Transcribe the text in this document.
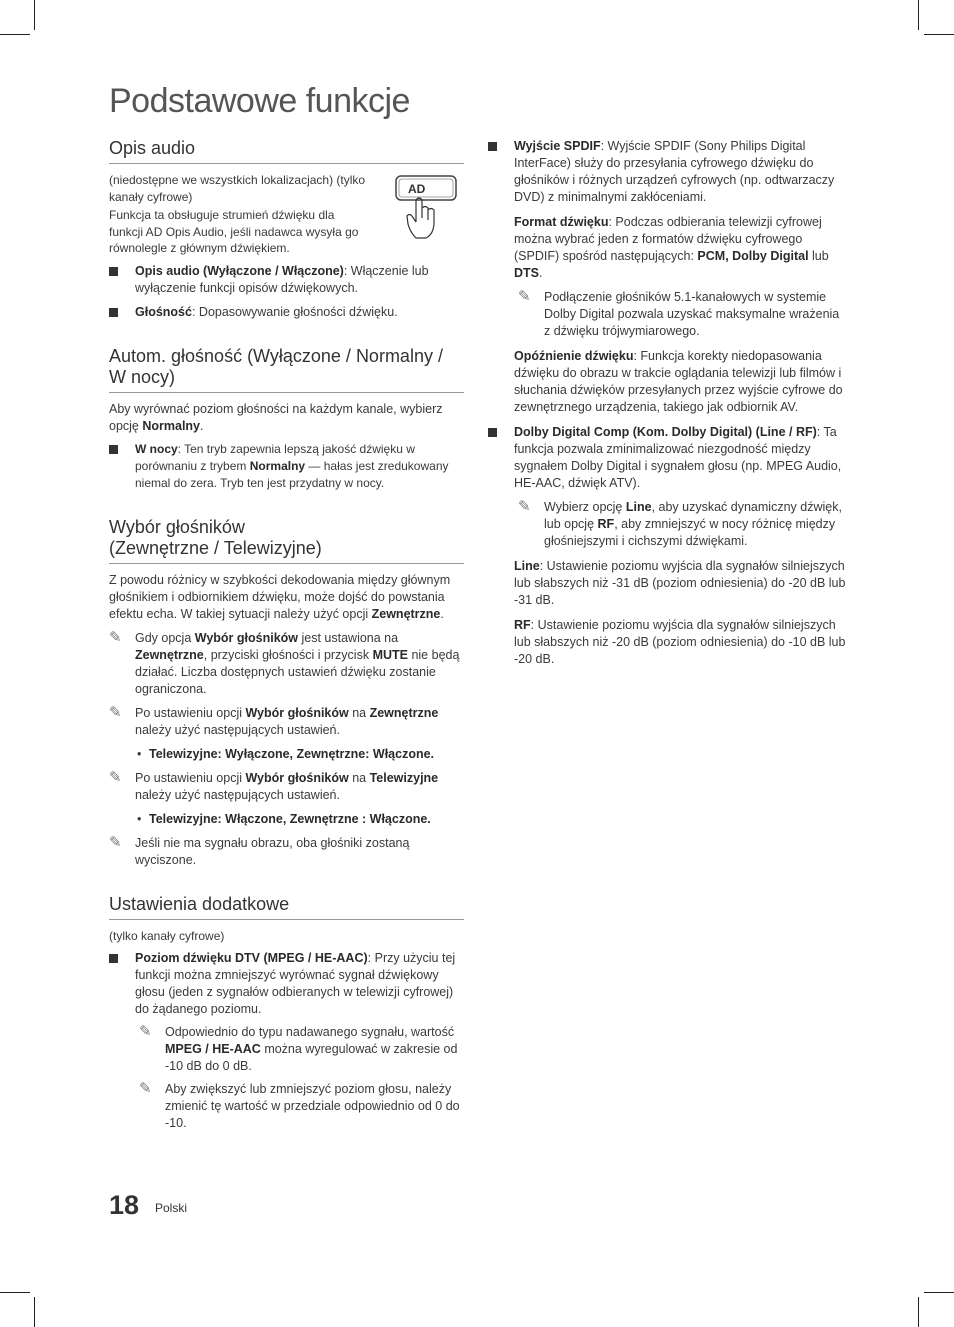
Podstawowe funkcje
Opis audio

(niedostępne we wszystkich lokalizacjach) (tylko kanały cyfrowe)

Funkcja ta obsługuje strumień dźwięku dla funkcji AD Opis Audio, jeśli nadawca wysyła go równolegle z głównym dźwiękiem.

AD
Opis audio (Wyłączone / Włączone): Włączenie lub wyłączenie funkcji opisów dźwiękowych.
Głośność: Dopasowywanie głośności dźwięku.
Autom. głośność (Wyłączone / Normalny / W nocy)

Aby wyrównać poziom głośności na każdym kanale, wybierz opcję Normalny.

W nocy: Ten tryb zapewnia lepszą jakość dźwięku w porównaniu z trybem Normalny — hałas jest zredukowany niemal do zera. Tryb ten jest przydatny w nocy.
Wybór głośników
(Zewnętrzne / Telewizyjne)

Z powodu różnicy w szybkości dekodowania między głównym głośnikiem i odbiornikiem dźwięku, może dojść do powstania efektu echa. W takiej sytuacji należy użyć opcji Zewnętrzne.

✎ Gdy opcja Wybór głośników jest ustawiona na Zewnętrzne, przyciski głośności i przycisk MUTE nie będą działać. Liczba dostępnych ustawień dźwięku zostanie ograniczona.
✎ Po ustawieniu opcji Wybór głośników na Zewnętrzne należy użyć następujących ustawień.
• Telewizyjne: Wyłączone, Zewnętrzne: Włączone.
✎ Po ustawieniu opcji Wybór głośników na Telewizyjne należy użyć następujących ustawień.
• Telewizyjne: Włączone, Zewnętrzne : Włączone.
✎ Jeśli nie ma sygnału obrazu, oba głośniki zostaną wyciszone.
Ustawienia dodatkowe

(tylko kanały cyfrowe)

Poziom dźwięku DTV (MPEG / HE-AAC): Przy użyciu tej funkcji można zmniejszyć wyrównać sygnał dźwiękowy głosu (jeden z sygnałów odbieranych w telewizji cyfrowej) do żądanego poziomu.
✎ Odpowiednio do typu nadawanego sygnału, wartość MPEG / HE-AAC można wyregulować w zakresie od -10 dB do 0 dB.
✎ Aby zwiększyć lub zmniejszyć poziom głosu, należy zmienić tę wartość w przedziale odpowiednio od 0 do -10.
Wyjście SPDIF: Wyjście SPDIF (Sony Philips Digital InterFace) służy do przesyłania cyfrowego dźwięku do głośników i różnych urządzeń cyfrowych (np. odtwarzaczy DVD) z minimalnymi zakłóceniami.

Format dźwięku: Podczas odbierania telewizji cyfrowej można wybrać jeden z formatów dźwięku cyfrowego (SPDIF) spośród następujących: PCM, Dolby Digital lub DTS.

✎ Podłączenie głośników 5.1-kanałowych w systemie Dolby Digital pozwala uzyskać maksymalne wrażenia z dźwięku trójwymiarowego.

Opóźnienie dźwięku: Funkcja korekty niedopasowania dźwięku do obrazu w trakcie oglądania telewizji lub filmów i słuchania dźwięków przesyłanych przez wyjście cyfrowe do zewnętrznego urządzenia, takiego jak odbiornik AV.

Dolby Digital Comp (Kom. Dolby Digital) (Line / RF): Ta funkcja pozwala zminimalizować niezgodność między sygnałem Dolby Digital i sygnałem głosu (np. MPEG Audio, HE-AAC, dźwięk ATV).
✎ Wybierz opcję Line, aby uzyskać dynamiczny dźwięk, lub opcję RF, aby zmniejszyć w nocy różnicę między głośniejszymi i cichszymi dźwiękami.

Line: Ustawienie poziomu wyjścia dla sygnałów silniejszych lub słabszych niż -31 dB (poziom odniesienia) do -20 dB lub -31 dB.

RF: Ustawienie poziomu wyjścia dla sygnałów silniejszych lub słabszych niż -20 dB (poziom odniesienia) do -10 dB lub -20 dB.

18 Polski
